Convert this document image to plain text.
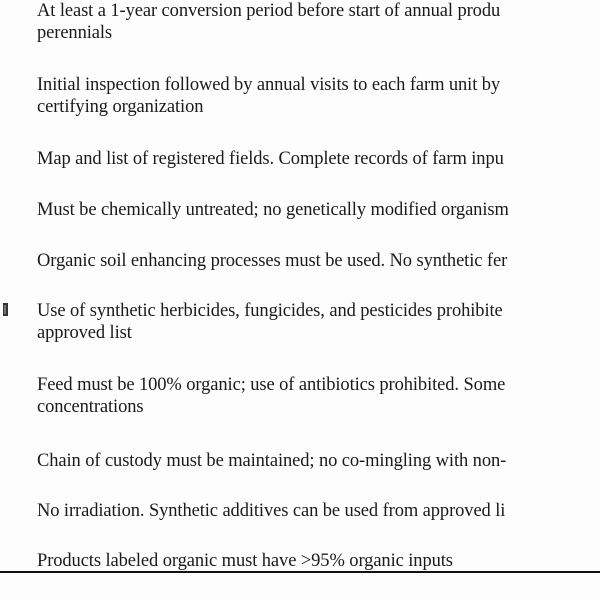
At least a 1-year conversion period before start of annual produ
perennials
Initial inspection followed by annual visits to each farm unit by
certifying organization
Map and list of registered fields. Complete records of farm inpu
Must be chemically untreated; no genetically modified organism
Organic soil enhancing processes must be used. No synthetic fer
Use of synthetic herbicides, fungicides, and pesticides prohibite
approved list
Feed must be 100% organic; use of antibiotics prohibited. Some
concentrations
Chain of custody must be maintained; no co-mingling with non-
No irradiation. Synthetic additives can be used from approved li
Products labeled organic must have >95% organic inputs
